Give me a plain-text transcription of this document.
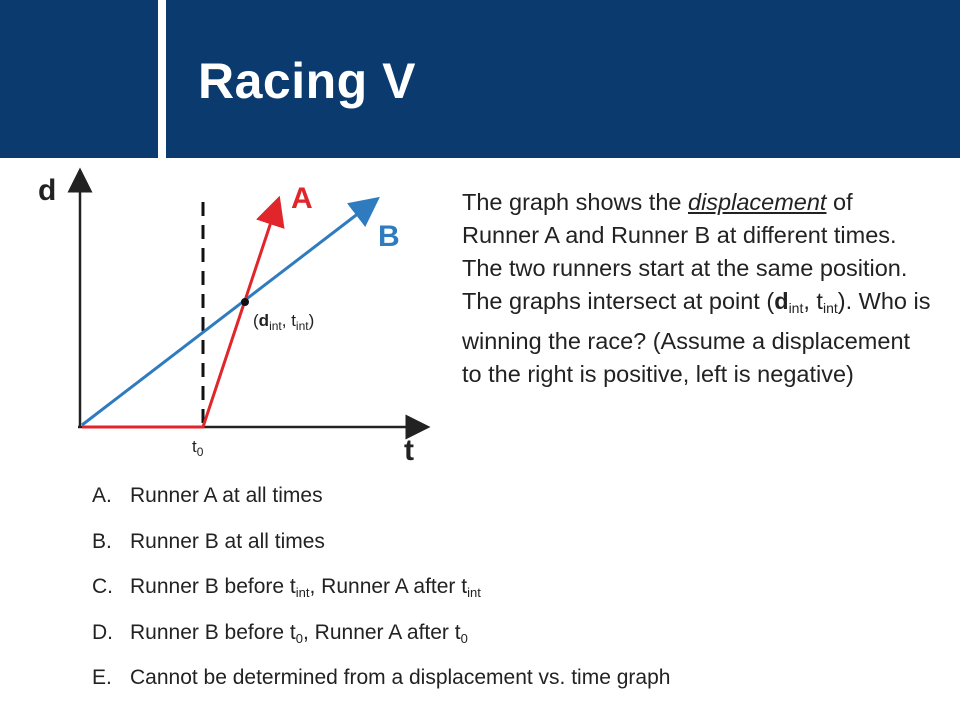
Racing V
d
t
A
B
$t_0$
($d_{int}$, $t_{int}$)
The graph shows the displacement of Runner A and Runner B at different times. The two runners start at the same position. The graphs intersect at point ($d_{int}$, $t_{int}$). Who is winning the race? (Assume a displacement to the right is positive, left is negative)
A. Runner A at all times
B. Runner B at all times
C. Runner B before tint, Runner A after tint
D. Runner B before t0, Runner A after t0
E. Cannot be determined from a displacement vs. time graph
